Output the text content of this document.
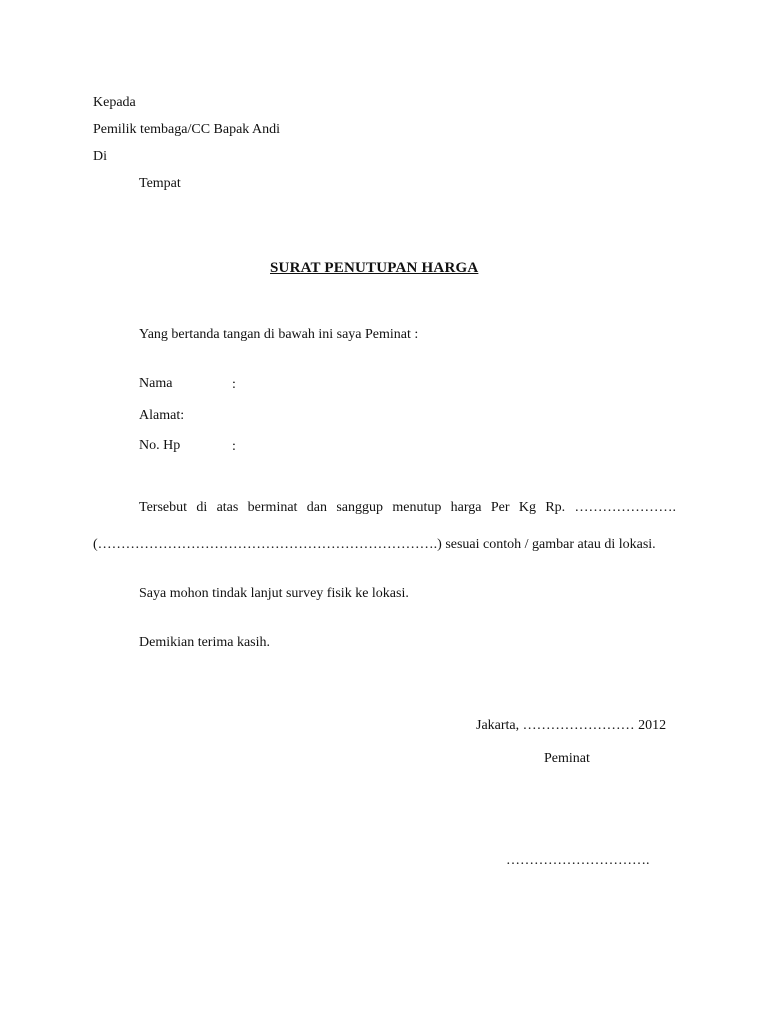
Kepada
Pemilik tembaga/CC Bapak Andi
Di
Tempat
SURAT PENUTUPAN HARGA
Yang bertanda tangan di bawah ini saya Peminat :
Nama	:
Alamat:
No. Hp	:
Tersebut di atas berminat dan sanggup menutup harga Per Kg Rp. ………………….
(……………………………………………………………….) sesuai contoh / gambar atau di lokasi.
Saya mohon tindak lanjut survey fisik ke lokasi.
Demikian terima kasih.
Jakarta, …………………… 2012
Peminat
………………………….
